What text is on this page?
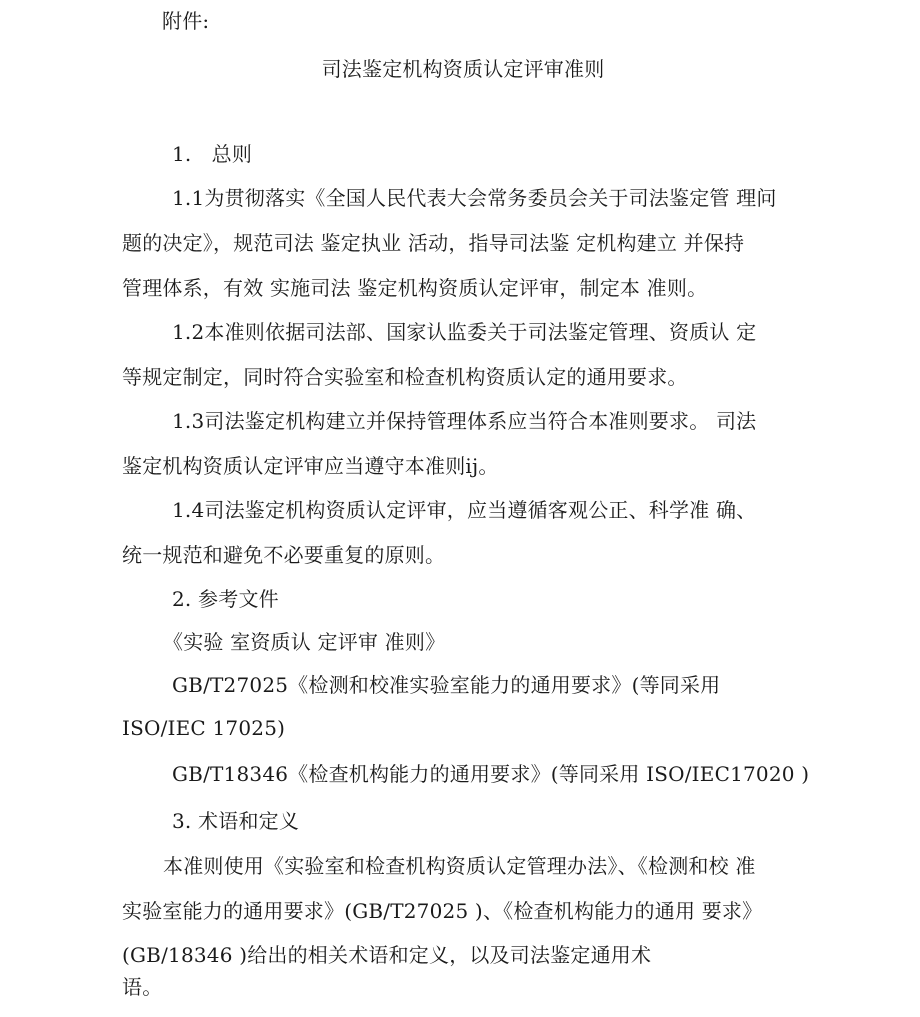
附件:
司法鉴定机构资质认定评审准则
1.　总则
1.1为贯彻落实《全国人民代表大会常务委员会关于司法鉴定管 理问
题的决定》，规范司法 鉴定执业 活动，指导司法鉴 定机构建立 并保持
管理体系，有效 实施司法 鉴定机构资质认定评审，制定本 准则。
1.2本准则依据司法部、国家认监委关于司法鉴定管理、资质认 定
等规定制定，同时符合实验室和检查机构资质认定的通用要求。
1.3司法鉴定机构建立并保持管理体系应当符合本准则要求。 司法
鉴定机构资质认定评审应当遵守本准则ij。
1.4司法鉴定机构资质认定评审，应当遵循客观公正、科学准 确、
统一规范和避免不必要重复的原则。
2. 参考文件
《实验 室资质认 定评审 准则》
GB/T27025《检测和校准实验室能力的通用要求》(等同采用
ISO/IEC 17025)
GB/T18346《检查机构能力的通用要求》(等同采用 ISO/IEC17020 )
3. 术语和定义
本准则使用《实验室和检查机构资质认定管理办法》、《检测和校 准
实验室能力的通用要求》(GB/T27025 )、《检查机构能力的通用 要求》
(GB/18346 )给出的相关术语和定义，以及司法鉴定通用术
语。
